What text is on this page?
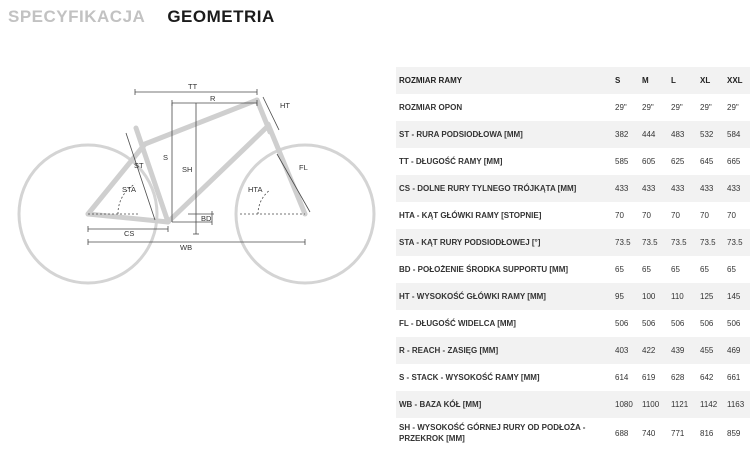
SPECYFIKACJA GEOMETRIA
TT
R
HT
ST
S
SH	FL
STA	HTA
BD
CS
WB
ROZMIAR RAMY	S	M	L	XL	XXL
ROZMIAR OPON	29"	29"	29"	29"	29"
ST - RURA PODSIODŁOWA [MM]	382	444	483	532	584
TT - DŁUGOŚĆ RAMY [MM]	585	605	625	645	665
CS - DOLNE RURY TYLNEGO TRÓJKĄTA [MM]	433	433	433	433	433
HTA - KĄT GŁÓWKI RAMY [STOPNIE]	70	70	70	70	70
STA - KĄT RURY PODSIODŁOWEJ [°]	73.5	73.5	73.5	73.5	73.5
BD - POŁOŻENIE ŚRODKA SUPPORTU [MM]	65	65	65	65	65
HT - WYSOKOŚĆ GŁÓWKI RAMY [MM]	95	100	110	125	145
FL - DŁUGOŚĆ WIDELCA [MM]	506	506	506	506	506
R - REACH - ZASIĘG [MM]	403	422	439	455	469
S - STACK - WYSOKOŚĆ RAMY [MM]	614	619	628	642	661
WB - BAZA KÓŁ [MM]	1080	1100	1121	1142	1163
SH - WYSOKOŚĆ GÓRNEJ RURY OD PODŁOŻA - PRZEKROK [MM]	688	740	771	816	859
